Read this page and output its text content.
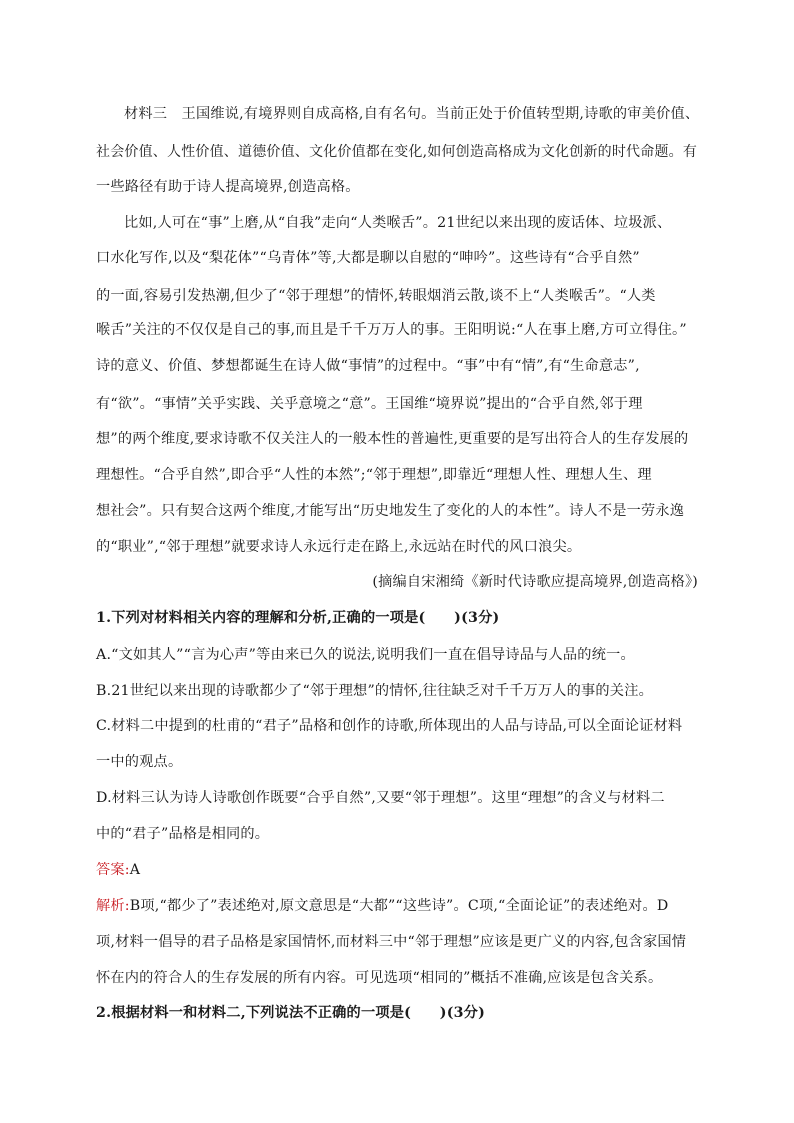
材料三　王国维说,有境界则自成高格,自有名句。当前正处于价值转型期,诗歌的审美价值、
社会价值、人性价值、道德价值、文化价值都在变化,如何创造高格成为文化创新的时代命题。有
一些路径有助于诗人提高境界,创造高格。
比如,人可在“事”上磨,从“自我”走向“人类喉舌”。21世纪以来出现的废话体、垃圾派、
口水化写作,以及“梨花体”“乌青体”等,大都是聊以自慰的“呻吟”。这些诗有“合乎自然”
的一面,容易引发热潮,但少了“邻于理想”的情怀,转眼烟消云散,谈不上“人类喉舌”。“人类
喉舌”关注的不仅仅是自己的事,而且是千千万万人的事。王阳明说:“人在事上磨,方可立得住。”
诗的意义、价值、梦想都诞生在诗人做“事情”的过程中。“事”中有“情”,有“生命意志”,
有“欲”。“事情”关乎实践、关乎意境之“意”。王国维“境界说”提出的“合乎自然,邻于理
想”的两个维度,要求诗歌不仅关注人的一般本性的普遍性,更重要的是写出符合人的生存发展的
理想性。“合乎自然”,即合乎“人性的本然”;“邻于理想”,即靠近“理想人性、理想人生、理
想社会”。只有契合这两个维度,才能写出“历史地发生了变化的人的本性”。诗人不是一劳永逸
的“职业”,“邻于理想”就要求诗人永远行走在路上,永远站在时代的风口浪尖。
(摘编自宋湘绮《新时代诗歌应提高境界,创造高格》)
1.下列对材料相关内容的理解和分析,正确的一项是(　　)(3分)
A.“文如其人”“言为心声”等由来已久的说法,说明我们一直在倡导诗品与人品的统一。
B.21世纪以来出现的诗歌都少了“邻于理想”的情怀,往往缺乏对千千万万人的事的关注。
C.材料二中提到的杜甫的“君子”品格和创作的诗歌,所体现出的人品与诗品,可以全面论证材料
一中的观点。
D.材料三认为诗人诗歌创作既要“合乎自然”,又要“邻于理想”。这里“理想”的含义与材料二
中的“君子”品格是相同的。
答案:A
解析:B项,“都少了”表述绝对,原文意思是“大都”“这些诗”。C项,“全面论证”的表述绝对。D
项,材料一倡导的君子品格是家国情怀,而材料三中“邻于理想”应该是更广义的内容,包含家国情
怀在内的符合人的生存发展的所有内容。可见选项“相同的”概括不准确,应该是包含关系。
2.根据材料一和材料二,下列说法不正确的一项是(　　)(3分)
